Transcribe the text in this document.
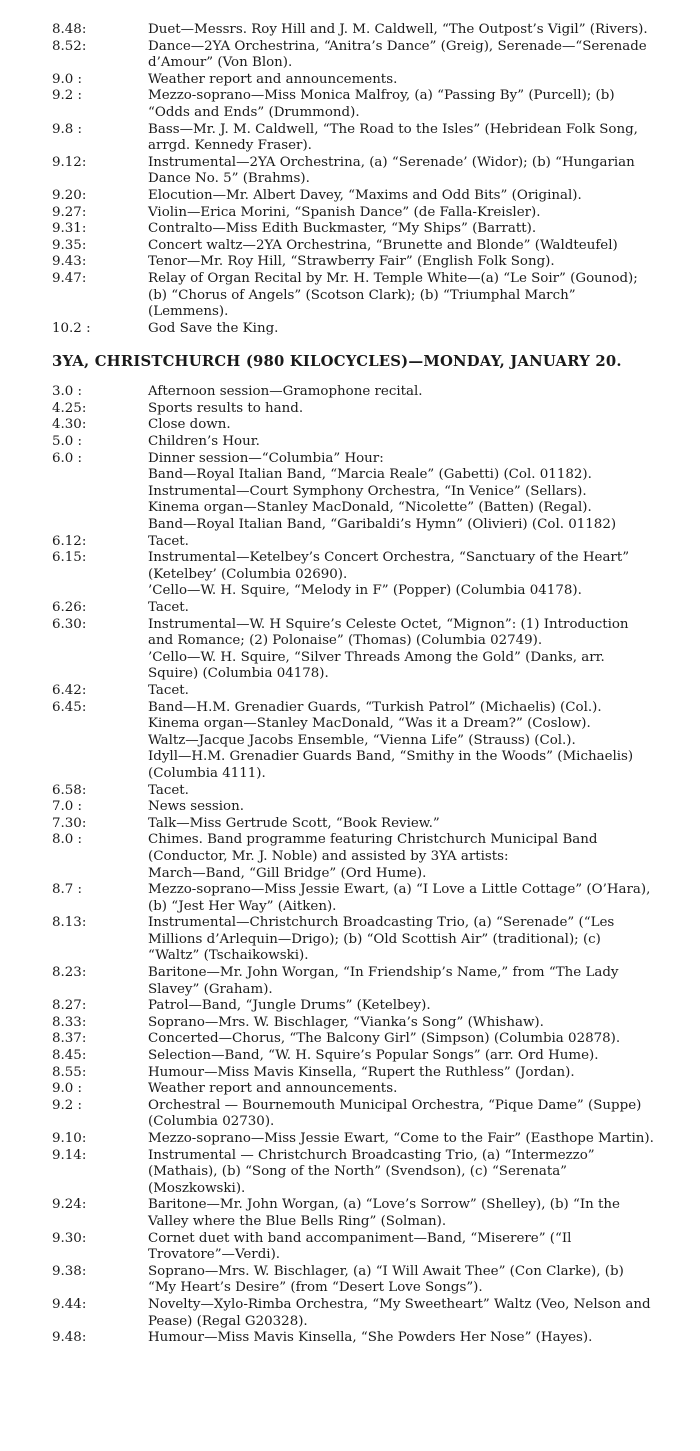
8.48:	Duet—Messrs. Roy Hill and J. M. Caldwell, “The Outpost’s Vigil” (Rivers).
8.52:	Dance—2YA Orchestrina, “Anitra’s Dance” (Greig), Serenade—“Serenade d’Amour” (Von Blon).
9.0 :	Weather report and announcements.
9.2 :	Mezzo-soprano—Miss Monica Malfroy, (a) “Passing By” (Purcell); (b) “Odds and Ends” (Drummond).
9.8 :	Bass—Mr. J. M. Caldwell, “The Road to the Isles” (Hebridean Folk Song, arrgd. Kennedy Fraser).
9.12:	Instrumental—2YA Orchestrina, (a) “Serenade’ (Widor); (b) “Hungarian Dance No. 5” (Brahms).
9.20:	Elocution—Mr. Albert Davey, “Maxims and Odd Bits” (Original).
9.27:	Violin—Erica Morini, “Spanish Dance” (de Falla-Kreisler).
9.31:	Contralto—Miss Edith Buckmaster, “My Ships” (Barratt).
9.35:	Concert waltz—2YA Orchestrina, “Brunette and Blonde” (Waldteufel)
9.43:	Tenor—Mr. Roy Hill, “Strawberry Fair” (English Folk Song).
9.47:	Relay of Organ Recital by Mr. H. Temple White—(a) “Le Soir” (Gounod); (b) “Chorus of Angels” (Scotson Clark); (b) “Triumphal March” (Lemmens).
10.2 :	God Save the King.
3YA, CHRISTCHURCH (980 KILOCYCLES)—MONDAY, JANUARY 20.
3.0 :	Afternoon session—Gramophone recital.
4.25:	Sports results to hand.
4.30:	Close down.
5.0 :	Children’s Hour.
6.0 :	Dinner session—“Columbia” Hour:
Band—Royal Italian Band, “Marcia Reale” (Gabetti) (Col. 01182).
Instrumental—Court Symphony Orchestra, “In Venice” (Sellars).
Kinema organ—Stanley MacDonald, “Nicolette” (Batten) (Regal).
Band—Royal Italian Band, “Garibaldi’s Hymn” (Olivieri) (Col. 01182)
6.12:	Tacet.
6.15:	Instrumental—Ketelbey’s Concert Orchestra, “Sanctuary of the Heart” (Ketelbey’ (Columbia 02690).
’Cello—W. H. Squire, “Melody in F” (Popper) (Columbia 04178).
6.26:	Tacet.
6.30:	Instrumental—W. H Squire’s Celeste Octet, “Mignon”: (1) Introduction and Romance; (2) Polonaise” (Thomas) (Columbia 02749).
’Cello—W. H. Squire, “Silver Threads Among the Gold” (Danks, arr. Squire) (Columbia 04178).
6.42:	Tacet.
6.45:	Band—H.M. Grenadier Guards, “Turkish Patrol” (Michaelis) (Col.).
Kinema organ—Stanley MacDonald, “Was it a Dream?” (Coslow).
Waltz—Jacque Jacobs Ensemble, “Vienna Life” (Strauss) (Col.).
Idyll—H.M. Grenadier Guards Band, “Smithy in the Woods” (Michaelis) (Columbia 4111).
6.58:	Tacet.
7.0 :	News session.
7.30:	Talk—Miss Gertrude Scott, “Book Review.”
8.0 :	Chimes. Band programme featuring Christchurch Municipal Band (Conductor, Mr. J. Noble) and assisted by 3YA artists:
March—Band, “Gill Bridge” (Ord Hume).
8.7 :	Mezzo-soprano—Miss Jessie Ewart, (a) “I Love a Little Cottage” (O’Hara), (b) “Jest Her Way” (Aitken).
8.13:	Instrumental—Christchurch Broadcasting Trio, (a) “Serenade” (“Les Millions d’Arlequin—Drigo); (b) “Old Scottish Air” (traditional); (c) “Waltz” (Tschaikowski).
8.23:	Baritone—Mr. John Worgan, “In Friendship’s Name,” from “The Lady Slavey” (Graham).
8.27:	Patrol—Band, “Jungle Drums” (Ketelbey).
8.33:	Soprano—Mrs. W. Bischlager, “Vianka’s Song” (Whishaw).
8.37:	Concerted—Chorus, “The Balcony Girl” (Simpson) (Columbia 02878).
8.45:	Selection—Band, “W. H. Squire’s Popular Songs” (arr. Ord Hume).
8.55:	Humour—Miss Mavis Kinsella, “Rupert the Ruthless” (Jordan).
9.0 :	Weather report and announcements.
9.2 :	Orchestral — Bournemouth Municipal Orchestra, “Pique Dame” (Suppe) (Columbia 02730).
9.10:	Mezzo-soprano—Miss Jessie Ewart, “Come to the Fair” (Easthope Martin).
9.14:	Instrumental — Christchurch Broadcasting Trio, (a) “Intermezzo” (Mathais), (b) “Song of the North” (Svendson), (c) “Serenata” (Moszkowski).
9.24:	Baritone—Mr. John Worgan, (a) “Love’s Sorrow” (Shelley), (b) “In the Valley where the Blue Bells Ring” (Solman).
9.30:	Cornet duet with band accompaniment—Band, “Miserere” (“Il Trovatore”—Verdi).
9.38:	Soprano—Mrs. W. Bischlager, (a) “I Will Await Thee” (Con Clarke), (b) “My Heart’s Desire” (from “Desert Love Songs”).
9.44:	Novelty—Xylo-Rimba Orchestra, “My Sweetheart” Waltz (Veo, Nelson and Pease) (Regal G20328).
9.48:	Humour—Miss Mavis Kinsella, “She Powders Her Nose” (Hayes).
